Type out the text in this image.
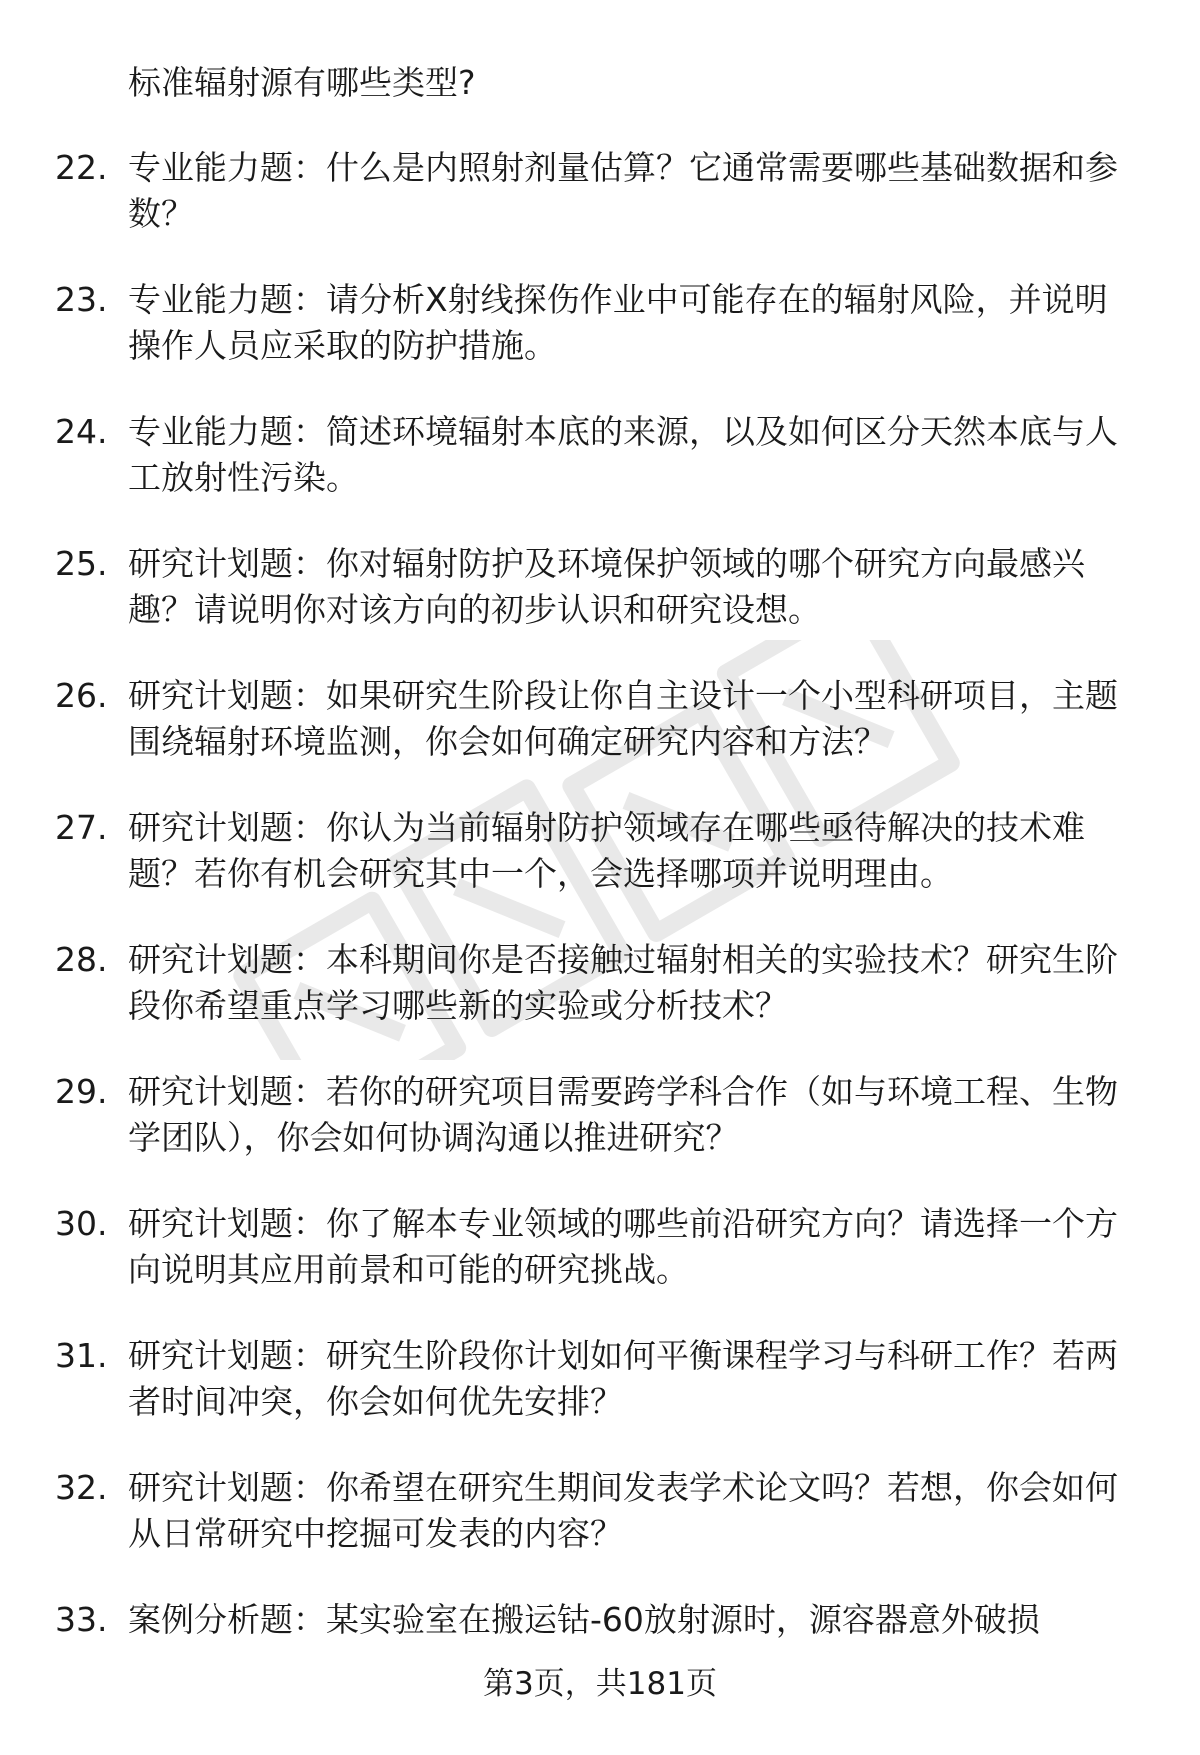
标准辐射源有哪些类型?
22. 专业能力题：什么是内照射剂量估算？它通常需要哪些基础数据和参数？
23. 专业能力题：请分析X射线探伤作业中可能存在的辐射风险，并说明操作人员应采取的防护措施。
24. 专业能力题：简述环境辐射本底的来源，以及如何区分天然本底与人工放射性污染。
25. 研究计划题：你对辐射防护及环境保护领域的哪个研究方向最感兴趣？请说明你对该方向的初步认识和研究设想。
26. 研究计划题：如果研究生阶段让你自主设计一个小型科研项目，主题围绕辐射环境监测，你会如何确定研究内容和方法？
27. 研究计划题：你认为当前辐射防护领域存在哪些亟待解决的技术难题？若你有机会研究其中一个，会选择哪项并说明理由。
28. 研究计划题：本科期间你是否接触过辐射相关的实验技术？研究生阶段你希望重点学习哪些新的实验或分析技术？
29. 研究计划题：若你的研究项目需要跨学科合作（如与环境工程、生物学团队），你会如何协调沟通以推进研究？
30. 研究计划题：你了解本专业领域的哪些前沿研究方向？请选择一个方向说明其应用前景和可能的研究挑战。
31. 研究计划题：研究生阶段你计划如何平衡课程学习与科研工作？若两者时间冲突，你会如何优先安排？
32. 研究计划题：你希望在研究生期间发表学术论文吗？若想，你会如何从日常研究中挖掘可发表的内容？
33. 案例分析题：某实验室在搬运钴-60放射源时，源容器意外破损
第3页，共181页
